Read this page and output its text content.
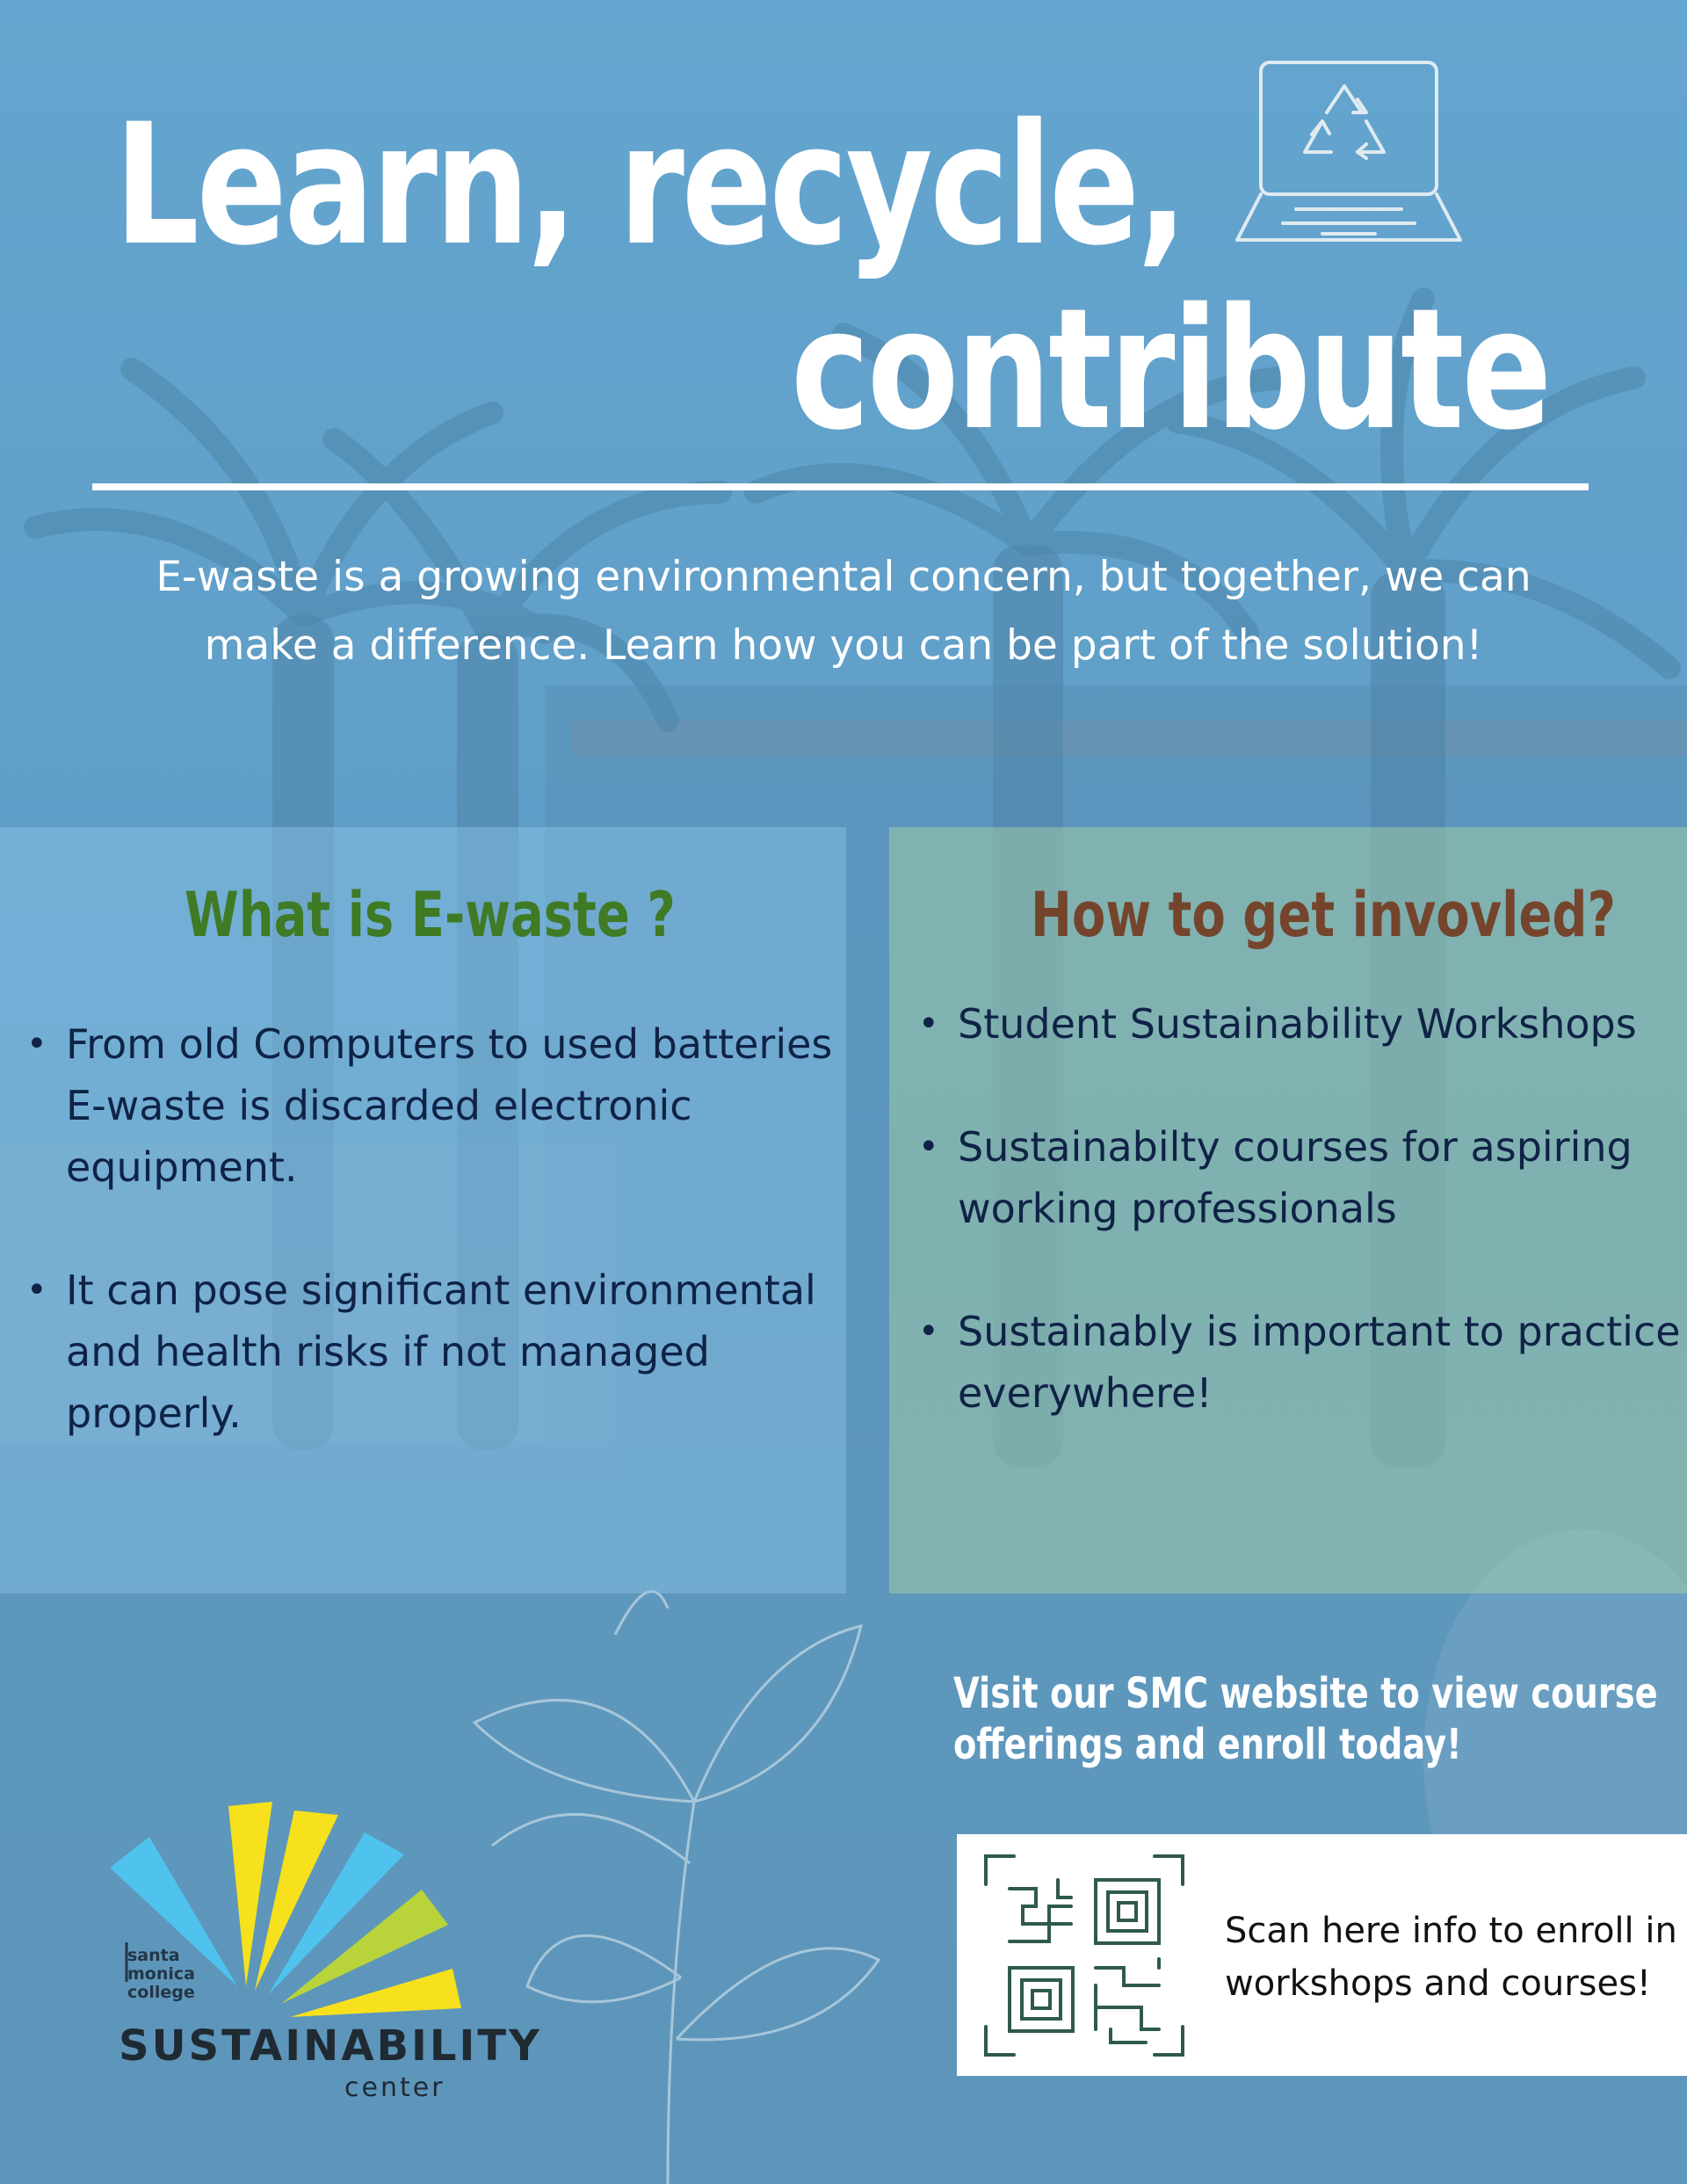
Learn, recycle,
contribute
E-waste is a growing environmental concern, but together, we can make a difference. Learn how you can be part of the solution!
What is E-waste ?
• From old Computers to used batteries E-waste is discarded electronic equipment.
• It can pose significant environmental and health risks if not managed properly.
How to get invovled?
• Student Sustainability Workshops
• Sustainabilty courses for aspiring working professionals
• Sustainably is important to practice everywhere!
Visit our SMC website to view course
offerings and enroll today!
Scan here info to enroll in workshops and courses!
santa
monica
college
SUSTAINABILITY
center
